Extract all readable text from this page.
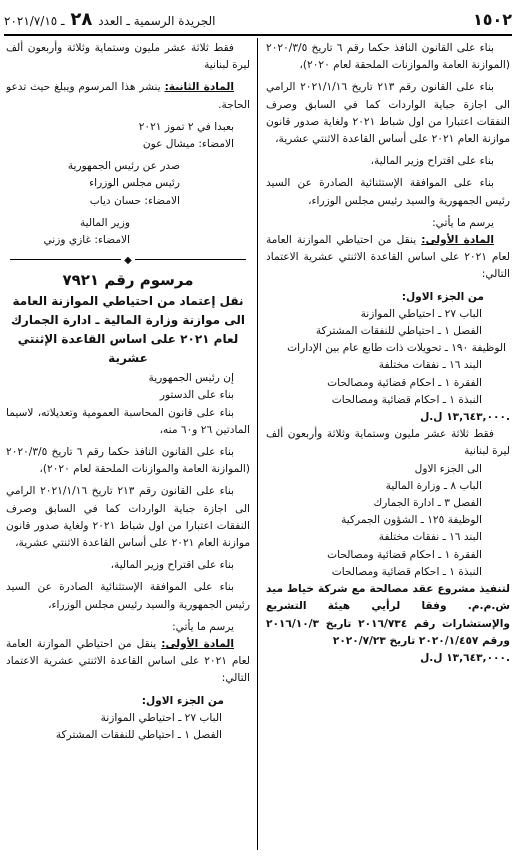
١٥٠٢
الجريدة الرسمية ـ العدد ٢٨ ـ ٢٠٢١/٧/١٥

بناء على القانون النافذ حكما رقم ٦ تاريخ ٢٠٢٠/٣/٥ (الموازنة العامة والموازنات الملحقة لعام ٢٠٢٠)،

بناء على القانون رقم ٢١٣ تاريخ ٢٠٢١/١/١٦ الرامي الى اجازة جباية الواردات كما في السابق وصرف النفقات اعتبارا من اول شباط ٢٠٢١ ولغاية صدور قانون موازنة العام ٢٠٢١ على أساس القاعدة الاثنتي عشرية،

بناء على اقتراح وزير المالية،

بناء على الموافقة الإستثنائية الصادرة عن السيد رئيس الجمهورية والسيد رئيس مجلس الوزراء،

يرسم ما يأتي:

المادة الأولى: ينقل من احتياطي الموازنة العامة لعام ٢٠٢١ على اساس القاعدة الاثنتي عشرية الاعتماد التالي:

من الجزء الاول:

الباب ٢٧ ـ احتياطي الموازنة

الفصل ١ ـ احتياطي للنفقات المشتركة

الوظيفة ١٩٠ ـ تحويلات ذات طابع عام بين الإدارات

البند ١٦ ـ نفقات مختلفة

الفقرة ١ ـ احكام قضائية ومصالحات

النبذة ١ ـ احكام قضائية ومصالحات

١٣,٦٤٣,٠٠٠ ل.ل.

فقط ثلاثة عشر مليون وستماية وثلاثة وأربعون ألف ليرة لبنانية

الى الجزء الاول

الباب ٨ ـ وزارة المالية

الفصل ٣ ـ ادارة الجمارك

الوظيفة ١٢٥ ـ الشؤون الجمركية

البند ١٦ ـ نفقات مختلفة

الفقرة ١ ـ احكام قضائية ومصالحات

النبذة ١ ـ احكام قضائية ومصالحات

لتنفيذ مشروع عقد مصالحة مع شركة خياط ميد ش.م.م. وفقا لرأيي هيئة التشريع والإستشارات رقم ٢٠١٦/٧٣٤ تاريخ ٢٠١٦/١٠/٣ ورقم ٢٠٢٠/١/٤٥٧ تاريخ ٢٠٢٠/٧/٢٣

١٣,٦٤٣,٠٠٠ ل.ل.

فقط ثلاثة عشر مليون وستماية وثلاثة وأربعون ألف ليرة لبنانية

المادة الثانية: ينشر هذا المرسوم ويبلغ حيث تدعو الحاجة.

بعبدا في ٢ تموز ٢٠٢١

الامضاء: ميشال عون

صدر عن رئيس الجمهورية

رئيس مجلس الوزراء

الامضاء: حسان دياب

وزير المالية

الامضاء: غازي وزني

◆

مرسوم رقم ٧٩٢١

نقل إعتماد من احتياطي الموازنة العامة الى موازنة وزارة المالية ـ ادارة الجمارك لعام ٢٠٢١ على اساس القاعدة الإثنتي عشرية

إن رئيس الجمهورية

بناء على الدستور

بناء على قانون المحاسبة العمومية وتعديلاته، لاسيما المادتين ٢٦ و٦٠ منه،

بناء على القانون النافذ حكما رقم ٦ تاريخ ٢٠٢٠/٣/٥ (الموازنة العامة والموازنات الملحقة لعام ٢٠٢٠)،

بناء على القانون رقم ٢١٣ تاريخ ٢٠٢١/١/١٦ الرامي الى اجازة جباية الواردات كما في السابق وصرف النفقات اعتبارا من اول شباط ٢٠٢١ ولغاية صدور قانون موازنة العام ٢٠٢١ على أساس القاعدة الاثنتي عشرية،

بناء على اقتراح وزير المالية،

بناء على الموافقة الإستثنائية الصادرة عن السيد رئيس الجمهورية والسيد رئيس مجلس الوزراء،

يرسم ما يأتي:

المادة الأولى: ينقل من احتياطي الموازنة العامة لعام ٢٠٢١ على اساس القاعدة الاثنتي عشرية الاعتماد التالي:

من الجزء الاول:

الباب ٢٧ ـ احتياطي الموازنة

الفصل ١ ـ احتياطي للنفقات المشتركة
